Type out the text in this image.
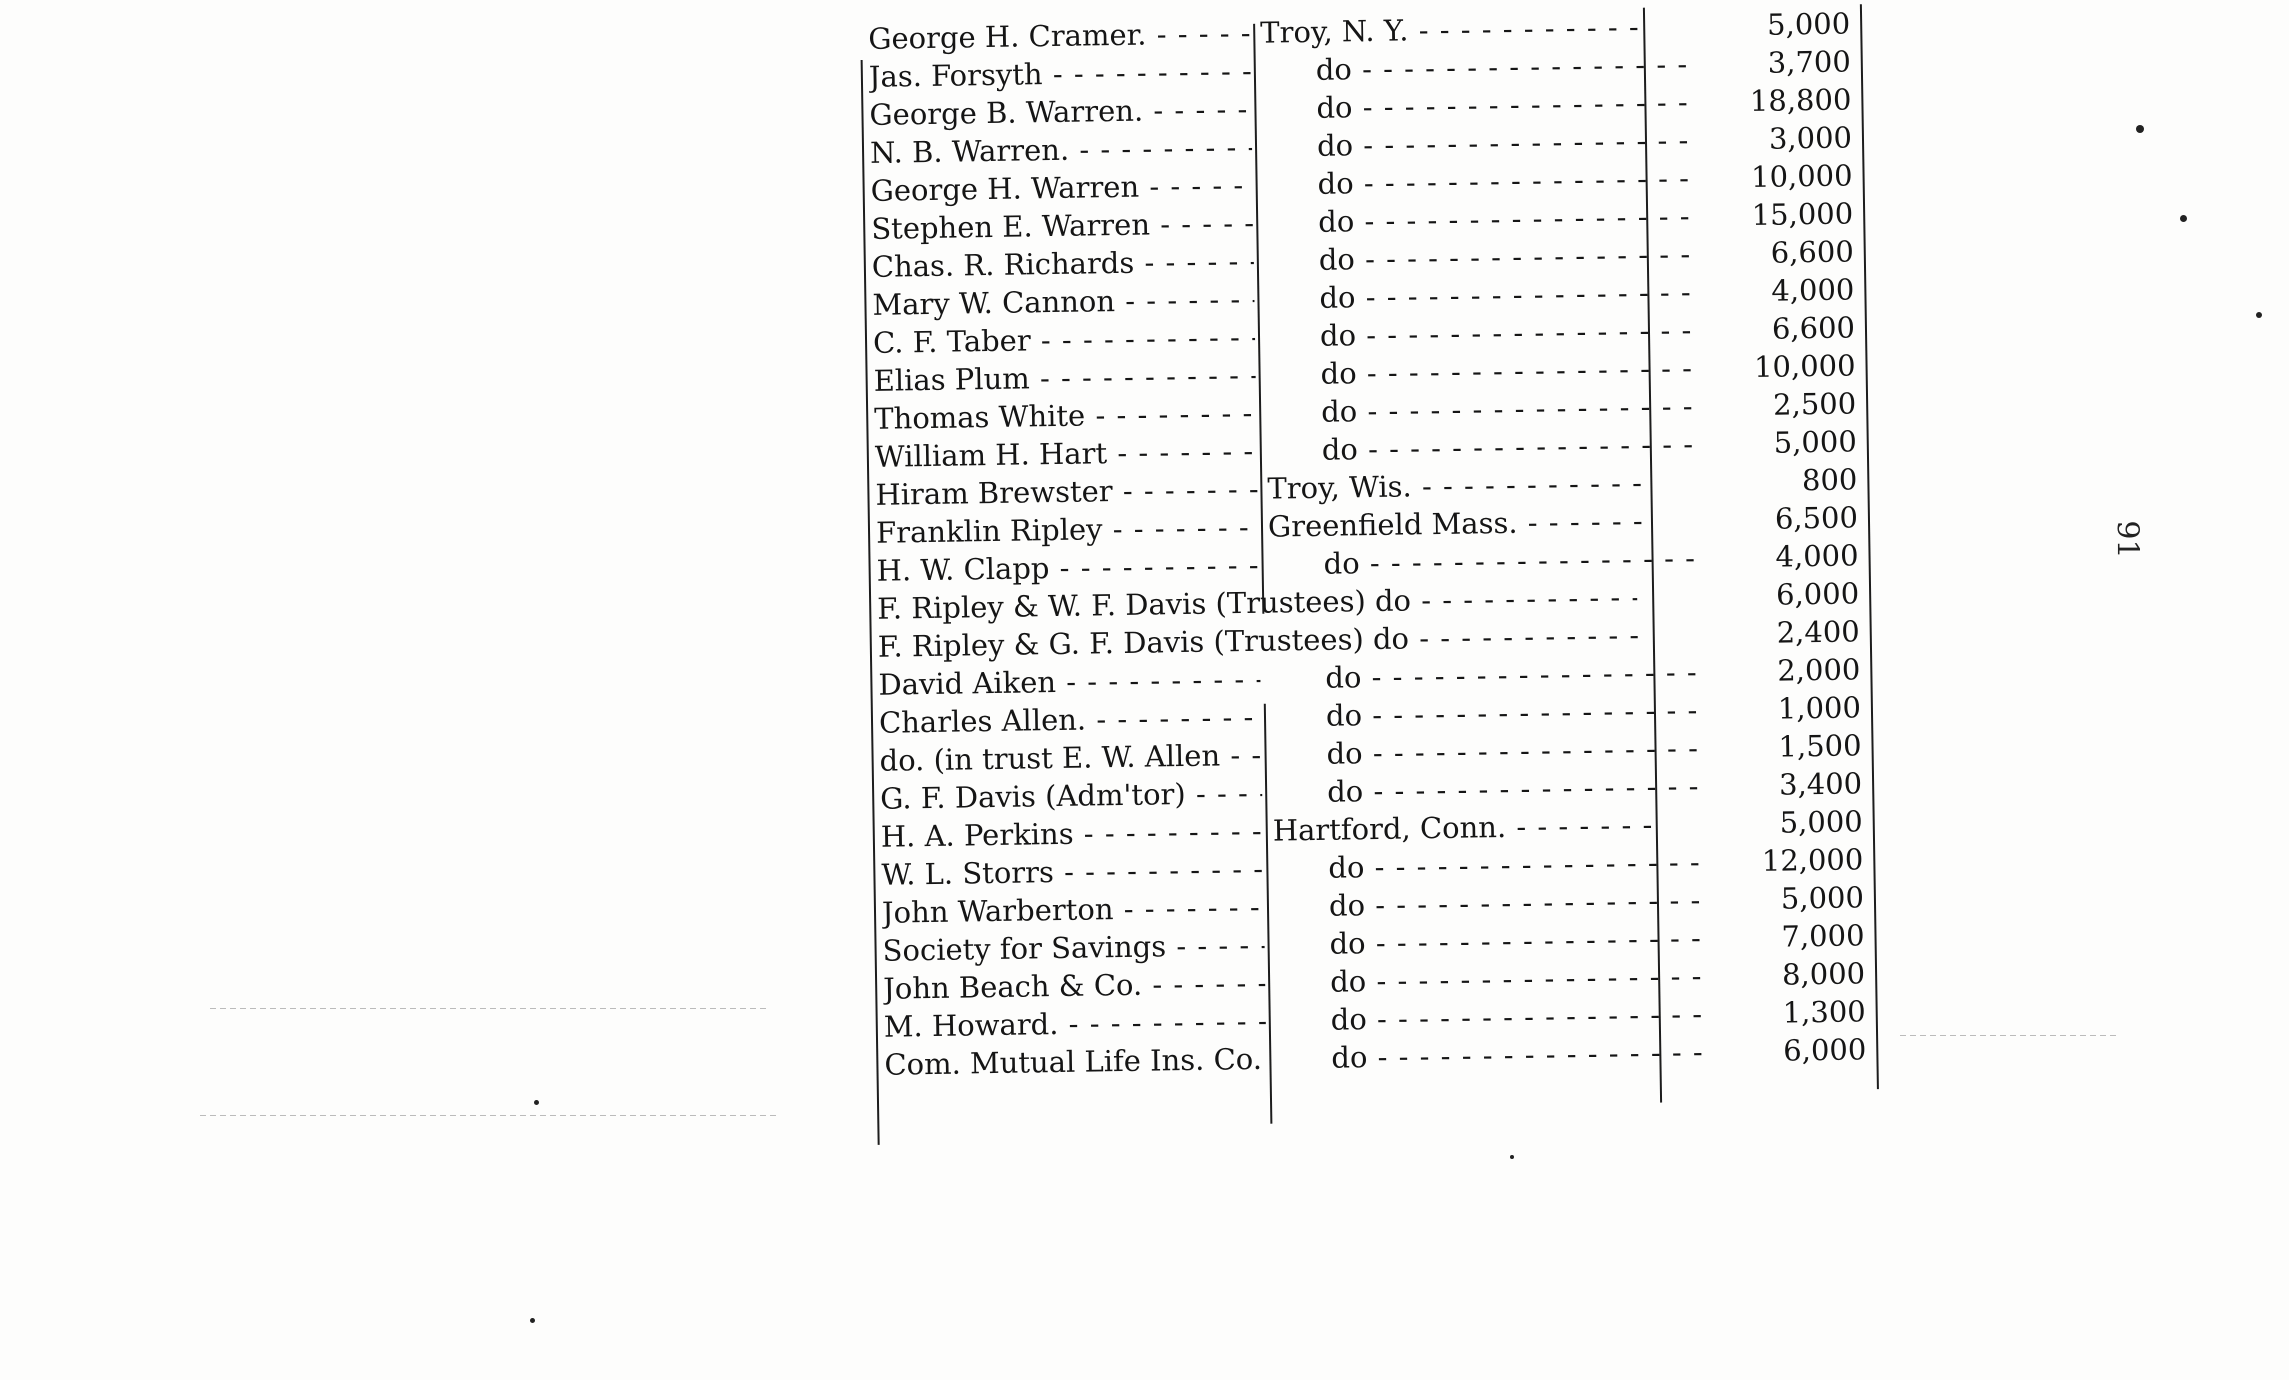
George H. Cramer. - - -	Troy, N. Y. - - -	5,000
Jas. Forsyth - - -	do - - -	3,700
George B. Warren. - - -	do - - -	18,800
N. B. Warren. - - -	do - - -	3,000
George H. Warren - - -	do - - -	10,000
Stephen E. Warren - - -	do - - -	15,000
Chas. R. Richards - - -	do - - -	6,600
Mary W. Cannon - - -	do - - -	4,000
C. F. Taber - - -	do - - -	6,600
Elias Plum - - -	do - - -	10,000
Thomas White - - -	do - - -	2,500
William H. Hart - - -	do - - -	5,000
Hiram Brewster - - -	Troy, Wis. - - -	800
Franklin Ripley - - -	Greenfield Mass. - - -	6,500
H. W. Clapp - - -	do - - -	4,000
F. Ripley & W. F. Davis (Trustees) do - - -	6,000
F. Ripley & G. F. Davis (Trustees) do - - -	2,400
David Aiken - - -	do - - -	2,000
Charles Allen. - - -	do - - -	1,000
do. (in trust E. W. Allen - - -	do - - -	1,500
G. F. Davis (Adm'tor) - - -	do - - -	3,400
H. A. Perkins - - -	Hartford, Conn. - - -	5,000
W. L. Storrs - - -	do - - -	12,000
John Warberton - - -	do - - -	5,000
Society for Savings - - -	do - - -	7,000
John Beach & Co. - - -	do - - -	8,000
M. Howard. - - -	do - - -	1,300
Com. Mutual Life Ins. Co. - - -	do - - -	6,000
91
